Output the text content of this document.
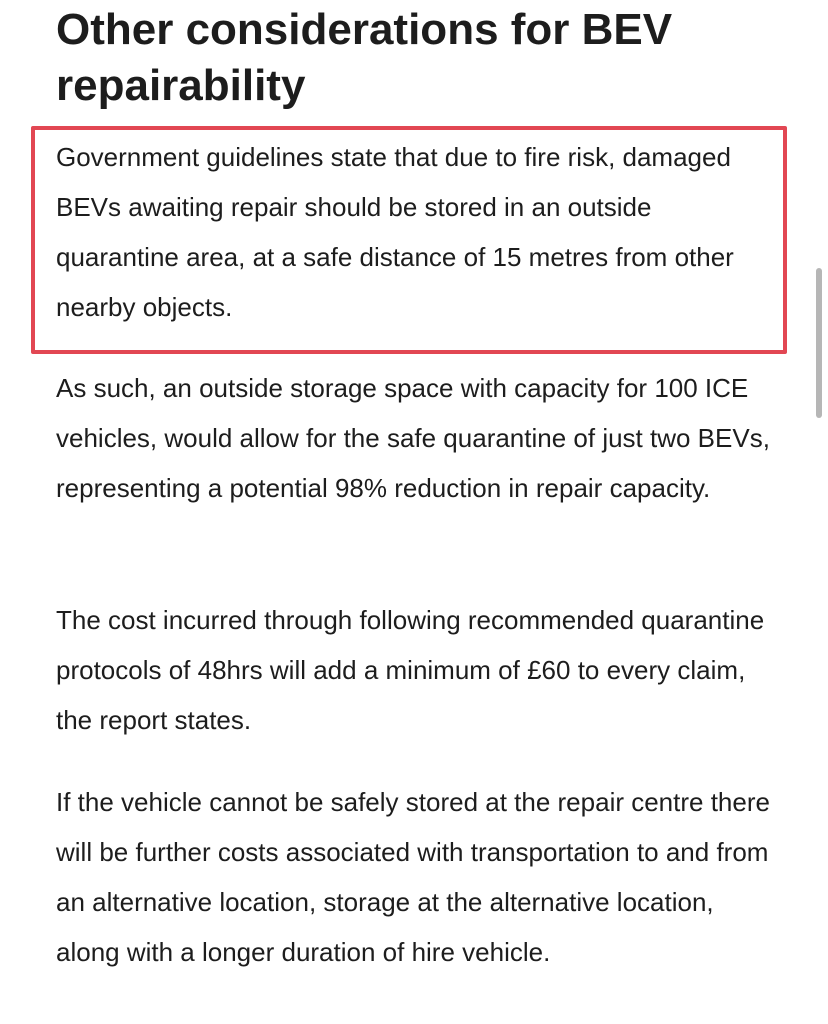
Other considerations for BEV repairability

Government guidelines state that due to fire risk, damaged BEVs awaiting repair should be stored in an outside quarantine area, at a safe distance of 15 metres from other nearby objects.

As such, an outside storage space with capacity for 100 ICE vehicles, would allow for the safe quarantine of just two BEVs, representing a potential 98% reduction in repair capacity.

The cost incurred through following recommended quarantine protocols of 48hrs will add a minimum of £60 to every claim, the report states.

If the vehicle cannot be safely stored at the repair centre there will be further costs associated with transportation to and from an alternative location, storage at the alternative location, along with a longer duration of hire vehicle.
